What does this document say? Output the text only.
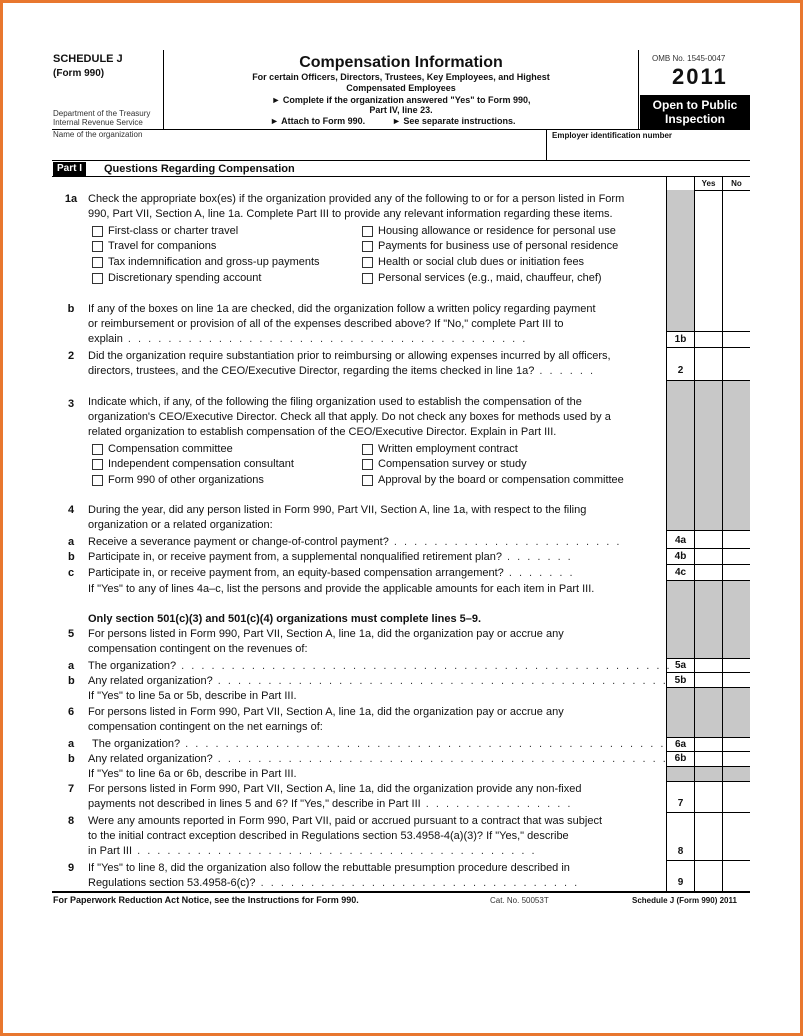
SCHEDULE J
(Form 990)
Department of the Treasury
Internal Revenue Service
Compensation Information
For certain Officers, Directors, Trustees, Key Employees, and Highest
Compensated Employees
► Complete if the organization answered "Yes" to Form 990,
Part IV, line 23.
► Attach to Form 990.	► See separate instructions.
OMB No. 1545-0047
2011
Open to Public
Inspection
Name of the organization	Employer identification number
Part I	Questions Regarding Compensation
Yes	No
1b
2
4a
4b
4c
5a
5b
6a
6b
7
8
9
1a Check the appropriate box(es) if the organization provided any of the following to or for a person listed in Form
990, Part VII, Section A, line 1a. Complete Part III to provide any relevant information regarding these items.
First-class or charter travel	Housing allowance or residence for personal use
Travel for companions	Payments for business use of personal residence
Tax indemnification and gross-up payments	Health or social club dues or initiation fees
Discretionary spending account	Personal services (e.g., maid, chauffeur, chef)
b	If any of the boxes on line 1a are checked, did the organization follow a written policy regarding payment
or reimbursement or provision of all of the expenses described above? If "No," complete Part III to
explain . . . . . . . . . . . . . . . . . . . . . . . . . . . . . . . . . . . . . . . .
2	Did the organization require substantiation prior to reimbursing or allowing expenses incurred by all officers,
directors, trustees, and the CEO/Executive Director, regarding the items checked in line 1a? . . . . . .
3	Indicate which, if any, of the following the filing organization used to establish the compensation of the
organization's CEO/Executive Director. Check all that apply. Do not check any boxes for methods used by a
related organization to establish compensation of the CEO/Executive Director. Explain in Part III.
Compensation committee	Written employment contract
Independent compensation consultant	Compensation survey or study
Form 990 of other organizations	Approval by the board or compensation committee
4	During the year, did any person listed in Form 990, Part VII, Section A, line 1a, with respect to the filing
organization or a related organization:
a Receive a severance payment or change-of-control payment? . . . . . . . . . . . . . . . . . . . . . . .
b Participate in, or receive payment from, a supplemental nonqualified retirement plan? . . . . . . .
c Participate in, or receive payment from, an equity-based compensation arrangement? . . . . . . .
If "Yes" to any of lines 4a–c, list the persons and provide the applicable amounts for each item in Part III.
Only section 501(c)(3) and 501(c)(4) organizations must complete lines 5–9.
5	For persons listed in Form 990, Part VII, Section A, line 1a, did the organization pay or accrue any
compensation contingent on the revenues of:
a The organization? . . . . . . . . . . . . . . . . . . . . . . . . . . . . . . . . . . . . . . . . . . . . . . . . .
b Any related organization? . . . . . . . . . . . . . . . . . . . . . . . . . . . . . . . . . . . . . . . . . . . . .
If "Yes" to line 5a or 5b, describe in Part III.
6	For persons listed in Form 990, Part VII, Section A, line 1a, did the organization pay or accrue any
compensation contingent on the net earnings of:
a The organization? . . . . . . . . . . . . . . . . . . . . . . . . . . . . . . . . . . . . . . . . . . . . . . . .
b Any related organization? . . . . . . . . . . . . . . . . . . . . . . . . . . . . . . . . . . . . . . . . . . . . .
If "Yes" to line 6a or 6b, describe in Part III.
7	For persons listed in Form 990, Part VII, Section A, line 1a, did the organization provide any non-fixed
payments not described in lines 5 and 6? If "Yes," describe in Part III . . . . . . . . . . . . . . .
8	Were any amounts reported in Form 990, Part VII, paid or accrued pursuant to a contract that was subject
to the initial contract exception described in Regulations section 53.4958-4(a)(3)? If "Yes," describe
in Part III . . . . . . . . . . . . . . . . . . . . . . . . . . . . . . . . . . . . . . . .
9	If "Yes" to line 8, did the organization also follow the rebuttable presumption procedure described in
Regulations section 53.4958-6(c)? . . . . . . . . . . . . . . . . . . . . . . . . . . . . . . . .
For Paperwork Reduction Act Notice, see the Instructions for Form 990.	Cat. No. 50053T	Schedule J (Form 990) 2011
